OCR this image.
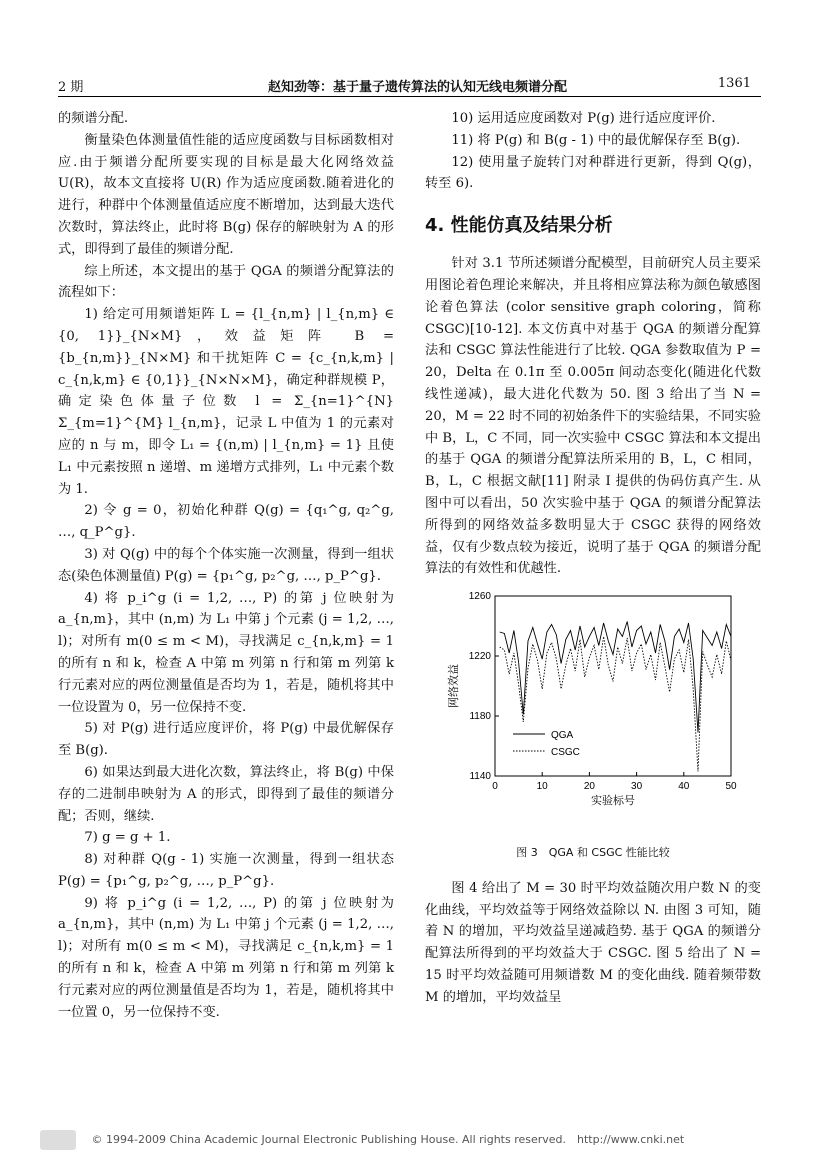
2 期	赵知劲等：基于量子遗传算法的认知无线电频谱分配	1361

的频谱分配.

衡量染色体测量值性能的适应度函数与目标函数相对应.由于频谱分配所要实现的目标是最大化网络效益 U(R)，故本文直接将 U(R) 作为适应度函数.随着进化的进行，种群中个体测量值适应度不断增加，达到最大迭代次数时，算法终止，此时将 B(g) 保存的解映射为 A 的形式，即得到了最佳的频谱分配.

综上所述，本文提出的基于 QGA 的频谱分配算法的流程如下：

1) 给定可用频谱矩阵 L = {l_{n,m} | l_{n,m} ∈ {0, 1}}_{N×M}，效益矩阵 B = {b_{n,m}}_{N×M} 和干扰矩阵 C = {c_{n,k,m} | c_{n,k,m} ∈ {0,1}}_{N×N×M}，确定种群规模 P，确定染色体量子位数 l = Σ_{n=1}^{N} Σ_{m=1}^{M} l_{n,m}，记录 L 中值为 1 的元素对应的 n 与 m，即令 L₁ = {(n,m) | l_{n,m} = 1} 且使 L₁ 中元素按照 n 递增、m 递增方式排列，L₁ 中元素个数为 1.

2) 令 g = 0，初始化种群 Q(g) = {q₁^g, q₂^g, …, q_P^g}.

3) 对 Q(g) 中的每个个体实施一次测量，得到一组状态(染色体测量值) P(g) = {p₁^g, p₂^g, …, p_P^g}.

4) 将 p_i^g (i = 1,2, …, P) 的第 j 位映射为 a_{n,m}，其中 (n,m) 为 L₁ 中第 j 个元素 (j = 1,2, …, l)；对所有 m(0 ≤ m < M)，寻找满足 c_{n,k,m} = 1 的所有 n 和 k，检查 A 中第 m 列第 n 行和第 m 列第 k 行元素对应的两位测量值是否均为 1，若是，随机将其中一位设置为 0，另一位保持不变.

5) 对 P(g) 进行适应度评价，将 P(g) 中最优解保存至 B(g).

6) 如果达到最大进化次数，算法终止，将 B(g) 中保存的二进制串映射为 A 的形式，即得到了最佳的频谱分配；否则，继续.

7) g = g + 1.

8) 对种群 Q(g - 1) 实施一次测量，得到一组状态 P(g) = {p₁^g, p₂^g, …, p_P^g}.

9) 将 p_i^g (i = 1,2, …, P) 的第 j 位映射为 a_{n,m}，其中 (n,m) 为 L₁ 中第 j 个元素 (j = 1,2, …, l)；对所有 m(0 ≤ m < M)，寻找满足 c_{n,k,m} = 1 的所有 n 和 k，检查 A 中第 m 列第 n 行和第 m 列第 k 行元素对应的两位测量值是否均为 1，若是，随机将其中一位置 0，另一位保持不变.

10) 运用适应度函数对 P(g) 进行适应度评价.

11) 将 P(g) 和 B(g - 1) 中的最优解保存至 B(g).

12) 使用量子旋转门对种群进行更新，得到 Q(g)，转至 6).

4. 性能仿真及结果分析

针对 3.1 节所述频谱分配模型，目前研究人员主要采用图论着色理论来解决，并且将相应算法称为颜色敏感图论着色算法 (color sensitive graph coloring，简称 CSGC)[10-12]. 本文仿真中对基于 QGA 的频谱分配算法和 CSGC 算法性能进行了比较. QGA 参数取值为 P = 20，Delta 在 0.1π 至 0.005π 间动态变化(随进化代数线性递减)，最大进化代数为 50. 图 3 给出了当 N = 20，M = 22 时不同的初始条件下的实验结果，不同实验中 B，L，C 不同，同一次实验中 CSGC 算法和本文提出的基于 QGA 的频谱分配算法所采用的 B，L，C 相同，B，L，C 根据文献[11] 附录 I 提供的伪码仿真产生. 从图中可以看出，50 次实验中基于 QGA 的频谱分配算法所得到的网络效益多数明显大于 CSGC 获得的网络效益，仅有少数点较为接近，说明了基于 QGA 的频谱分配算法的有效性和优越性.

0	10	20	30	40	50
1140
1180
1220
1260
实验标号
网络效益
QGA
CSGC
图 3　QGA 和 CSGC 性能比较

图 4 给出了 M = 30 时平均效益随次用户数 N 的变化曲线，平均效益等于网络效益除以 N. 由图 3 可知，随着 N 的增加，平均效益呈递减趋势. 基于 QGA 的频谱分配算法所得到的平均效益大于 CSGC. 图 5 给出了 N = 15 时平均效益随可用频谱数 M 的变化曲线. 随着频带数 M 的增加，平均效益呈

© 1994-2009 China Academic Journal Electronic Publishing House. All rights reserved.　http://www.cnki.net
